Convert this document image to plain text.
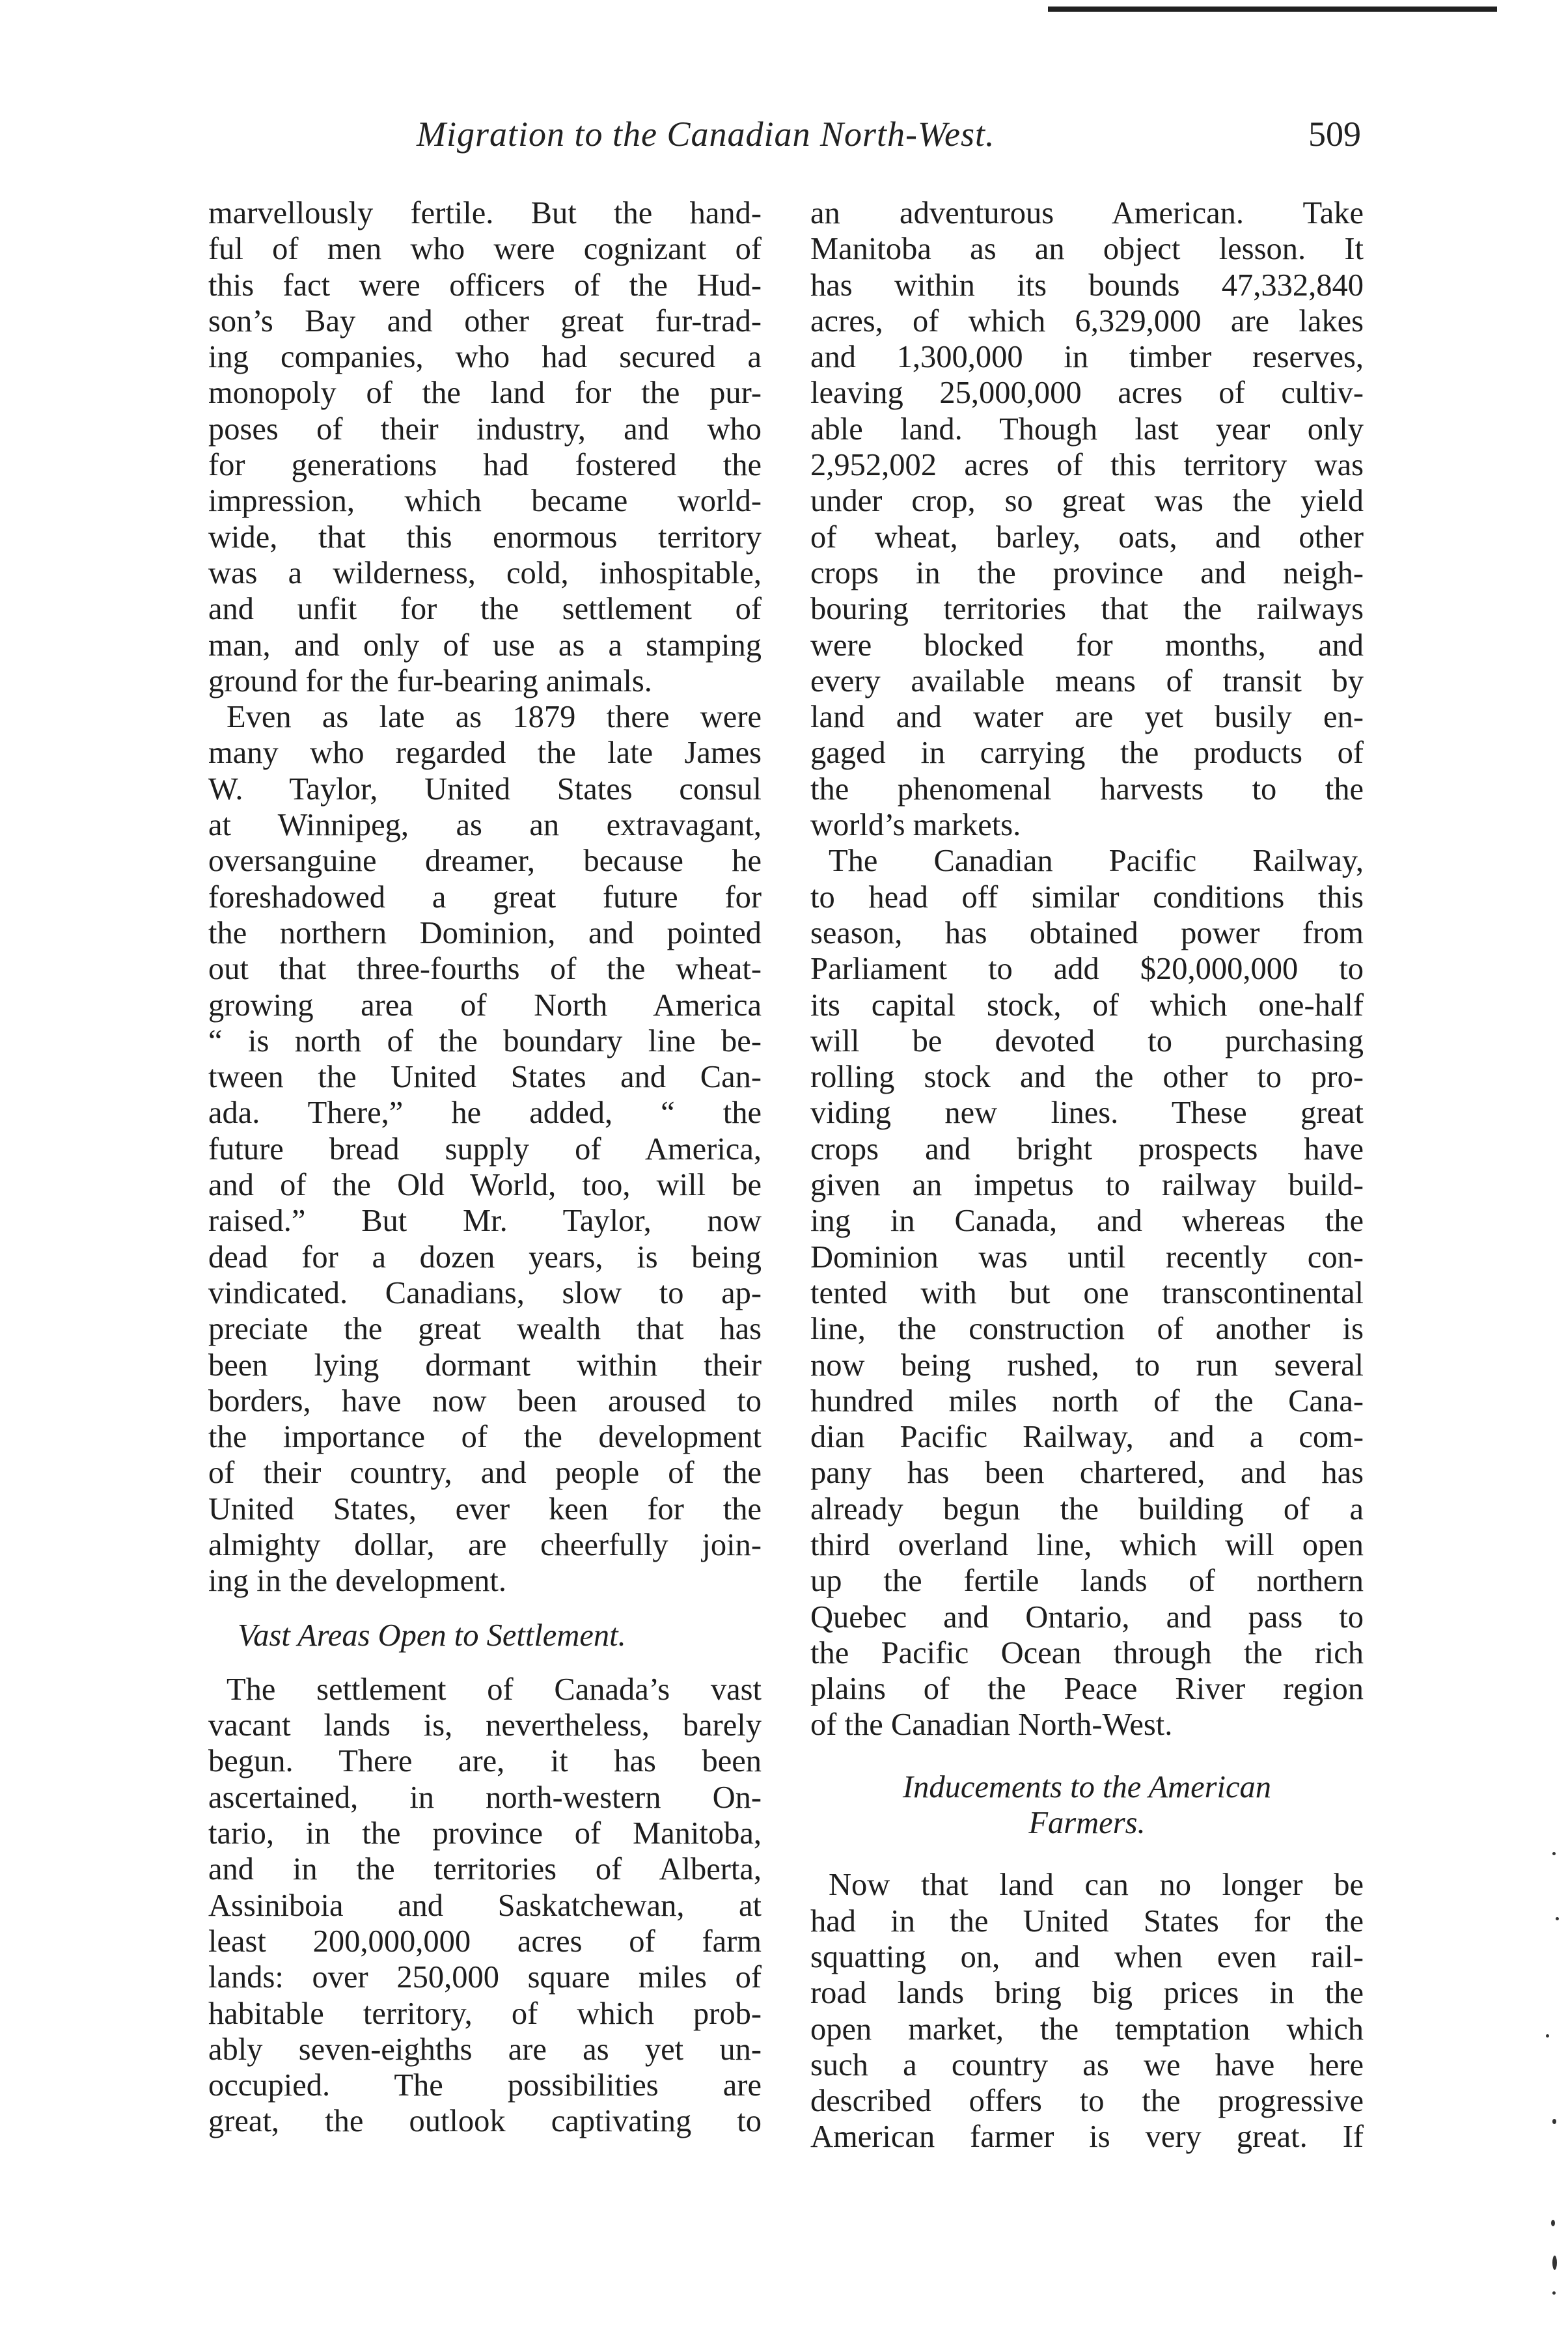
Migration to the Canadian North-West.	509
marvellously fertile. But the hand-
ful of men who were cognizant of
this fact were officers of the Hud-
son’s Bay and other great fur-trad-
ing companies, who had secured a
monopoly of the land for the pur-
poses of their industry, and who
for generations had fostered the
impression, which became world-
wide, that this enormous territory
was a wilderness, cold, inhospitable,
and unfit for the settlement of
man, and only of use as a stamping
ground for the fur-bearing animals.
Even as late as 1879 there were
many who regarded the late James
W. Taylor, United States consul
at Winnipeg, as an extravagant,
oversanguine dreamer, because he
foreshadowed a great future for
the northern Dominion, and pointed
out that three-fourths of the wheat-
growing area of North America
“ is north of the boundary line be-
tween the United States and Can-
ada. There,” he added, “ the
future bread supply of America,
and of the Old World, too, will be
raised.” But Mr. Taylor, now
dead for a dozen years, is being
vindicated. Canadians, slow to ap-
preciate the great wealth that has
been lying dormant within their
borders, have now been aroused to
the importance of the development
of their country, and people of the
United States, ever keen for the
almighty dollar, are cheerfully join-
ing in the development.
Vast Areas Open to Settlement.
The settlement of Canada’s vast
vacant lands is, nevertheless, barely
begun. There are, it has been
ascertained, in north-western On-
tario, in the province of Manitoba,
and in the territories of Alberta,
Assiniboia and Saskatchewan, at
least 200,000,000 acres of farm
lands: over 250,000 square miles of
habitable territory, of which prob-
ably seven-eighths are as yet un-
occupied. The possibilities are
great, the outlook captivating to
an adventurous American. Take
Manitoba as an object lesson. It
has within its bounds 47,332,840
acres, of which 6,329,000 are lakes
and 1,300,000 in timber reserves,
leaving 25,000,000 acres of cultiv-
able land. Though last year only
2,952,002 acres of this territory was
under crop, so great was the yield
of wheat, barley, oats, and other
crops in the province and neigh-
bouring territories that the railways
were blocked for months, and
every available means of transit by
land and water are yet busily en-
gaged in carrying the products of
the phenomenal harvests to the
world’s markets.
The Canadian Pacific Railway,
to head off similar conditions this
season, has obtained power from
Parliament to add $20,000,000 to
its capital stock, of which one-half
will be devoted to purchasing
rolling stock and the other to pro-
viding new lines. These great
crops and bright prospects have
given an impetus to railway build-
ing in Canada, and whereas the
Dominion was until recently con-
tented with but one transcontinental
line, the construction of another is
now being rushed, to run several
hundred miles north of the Cana-
dian Pacific Railway, and a com-
pany has been chartered, and has
already begun the building of a
third overland line, which will open
up the fertile lands of northern
Quebec and Ontario, and pass to
the Pacific Ocean through the rich
plains of the Peace River region
of the Canadian North-West.
Inducements to the American
Farmers.
Now that land can no longer be
had in the United States for the
squatting on, and when even rail-
road lands bring big prices in the
open market, the temptation which
such a country as we have here
described offers to the progressive
American farmer is very great. If
